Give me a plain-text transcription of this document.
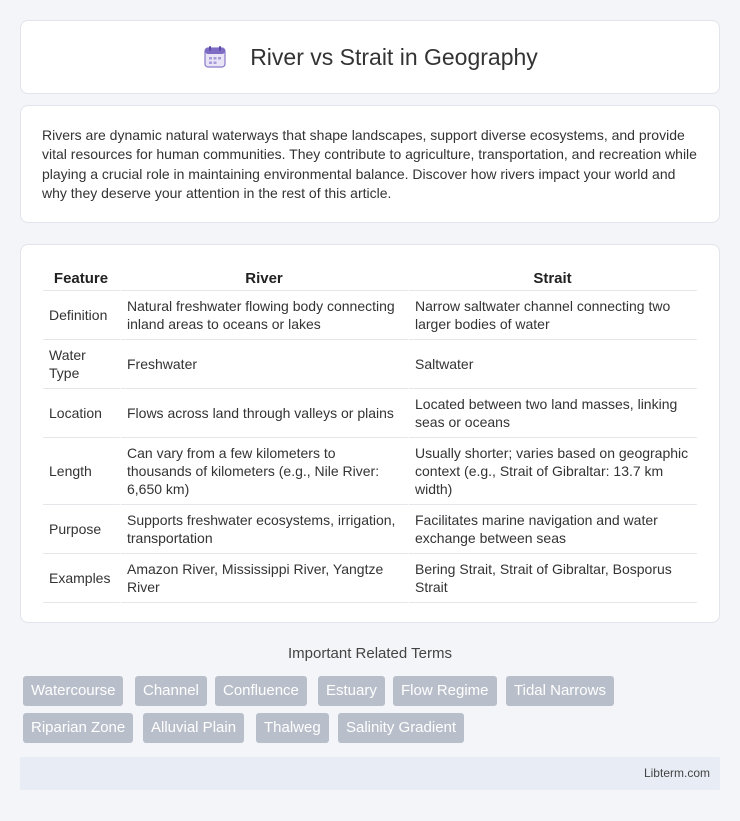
River vs Strait in Geography

Rivers are dynamic natural waterways that shape landscapes, support diverse ecosystems, and provide vital resources for human communities. They contribute to agriculture, transportation, and recreation while playing a crucial role in maintaining environmental balance. Discover how rivers impact your world and why they deserve your attention in the rest of this article.

Feature	River	Strait
Definition	Natural freshwater flowing body connecting inland areas to oceans or lakes	Narrow saltwater channel connecting two larger bodies of water
Water Type	Freshwater	Saltwater
Location	Flows across land through valleys or plains	Located between two land masses, linking seas or oceans
Length	Can vary from a few kilometers to thousands of kilometers (e.g., Nile River: 6,650 km)	Usually shorter; varies based on geographic context (e.g., Strait of Gibraltar: 13.7 km width)
Purpose	Supports freshwater ecosystems, irrigation, transportation	Facilitates marine navigation and water exchange between seas
Examples	Amazon River, Mississippi River, Yangtze River	Bering Strait, Strait of Gibraltar, Bosporus Strait
Important Related Terms
Watercourse	Channel	Confluence	Estuary	Flow Regime	Tidal Narrows
Riparian Zone	Alluvial Plain	Thalweg	Salinity Gradient
Libterm.com
